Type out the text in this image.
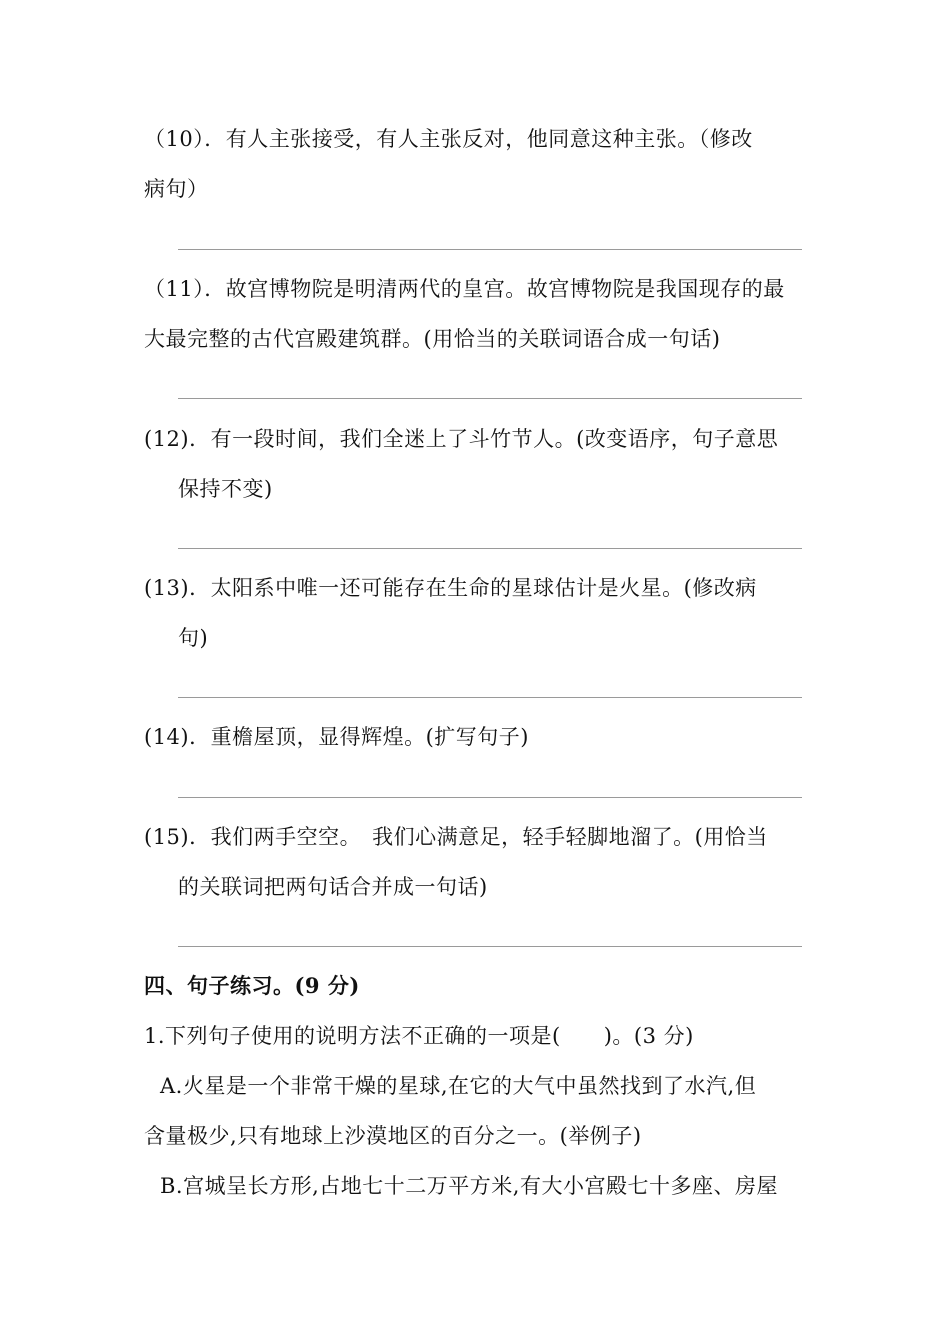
（10）．有人主张接受，有人主张反对，他同意这种主张。（修改
病句）
（11）．故宫博物院是明清两代的皇宫。故宫博物院是我国现存的最
大最完整的古代宫殿建筑群。(用恰当的关联词语合成一句话)
(12)．有一段时间，我们全迷上了斗竹节人。(改变语序，句子意思
保持不变)
(13)．太阳系中唯一还可能存在生命的星球估计是火星。(修改病
句)
(14)．重檐屋顶，显得辉煌。(扩写句子)
(15)．我们两手空空。　我们心满意足，轻手轻脚地溜了。(用恰当
的关联词把两句话合并成一句话)
四、句子练习。(9 分)
1.下列句子使用的说明方法不正确的一项是(　　)。(3 分)
A.火星是一个非常干燥的星球,在它的大气中虽然找到了水汽,但
含量极少,只有地球上沙漠地区的百分之一。(举例子)
B.宫城呈长方形,占地七十二万平方米,有大小宫殿七十多座、房屋
